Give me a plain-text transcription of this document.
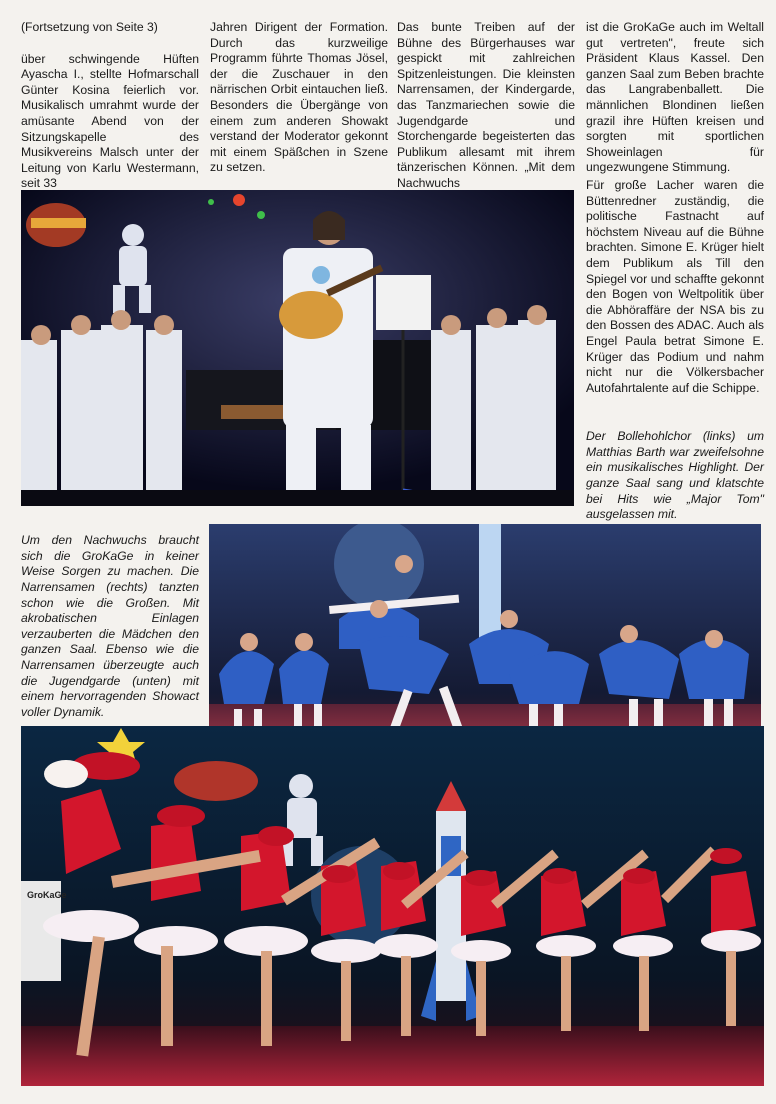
(Fortsetzung von Seite 3)

über schwingende Hüften Ayascha I., stellte Hofmarschall Günter Kosina feierlich vor. Musikalisch umrahmt wurde der amüsante Abend von der Sitzungskapelle des Musikvereins Malsch unter der Leitung von Karlu Westermann, seit 33

Jahren Dirigent der Formation. Durch das kurzweilige Programm führte Thomas Jösel, der die Zuschauer in den närrischen Orbit eintauchen ließ. Besonders die Übergänge von einem zum anderen Showakt verstand der Moderator gekonnt mit einem Späßchen in Szene zu setzen.

Das bunte Treiben auf der Bühne des Bürgerhauses war gespickt mit zahlreichen Spitzenleistungen. Die kleinsten Narrensamen, der Kindergarde, das Tanzmariechen sowie die Jugendgarde und Storchengarde begeisterten das Publikum allesamt mit ihrem tänzerischen Können. „Mit dem Nachwuchs

ist die GroKaGe auch im Weltall gut vertreten", freute sich Präsident Klaus Kassel. Den ganzen Saal zum Beben brachte das Langrabenballett. Die männlichen Blondinen ließen grazil ihre Hüften kreisen und sorgten mit sportlichen Showeinlagen für ungezwungene Stimmung.

Für große Lacher waren die Büttenredner zuständig, die politische Fastnacht auf höchstem Niveau auf die Bühne brachten. Simone E. Krüger hielt dem Publikum als Till den Spiegel vor und schaffte gekonnt den Bogen von Weltpolitik über die Abhöraffäre der NSA bis zu den Bossen des ADAC. Auch als Engel Paula betrat Simone E. Krüger das Podium und nahm nicht nur die Völkersbacher Autofahrtalente auf die Schippe.

Der Bollehohlchor (links) um Matthias Barth war zweifelsohne ein musikalisches Highlight. Der ganze Saal sang und klatschte bei Hits wie „Major Tom" ausgelassen mit.

Um den Nachwuchs braucht sich die GroKaGe in keiner Weise Sorgen zu machen. Die Narrensamen (rechts) tanzten schon wie die Großen. Mit akrobatischen Einlagen verzauberten die Mädchen den ganzen Saal. Ebenso wie die Narrensamen überzeugte auch die Jugendgarde (unten) mit einem hervorragenden Showact voller Dynamik.

GroKaGe
